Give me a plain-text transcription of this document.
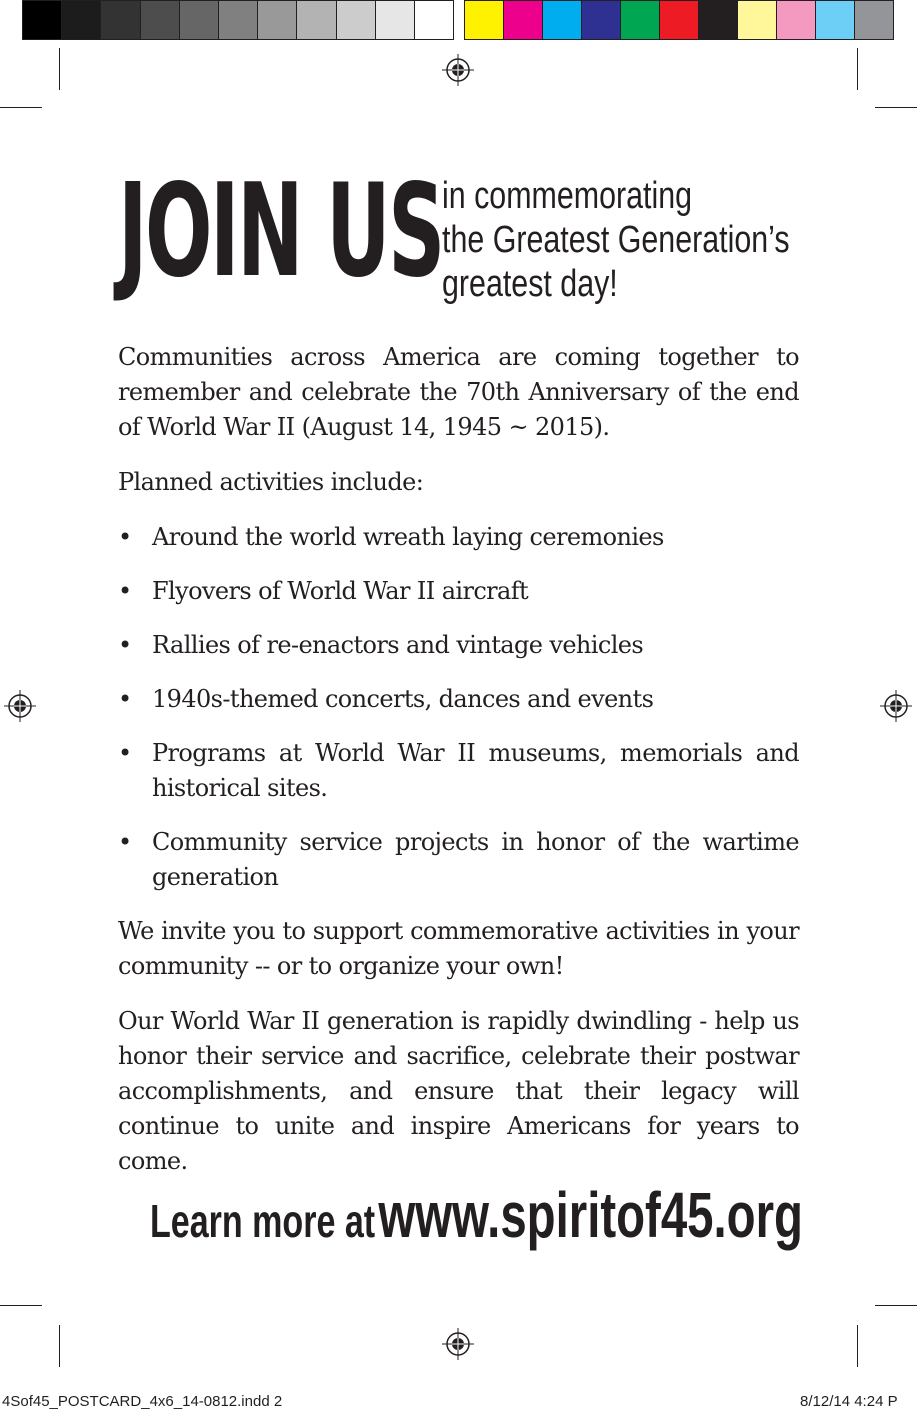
JOIN US in commemorating
the Greatest Generation’s
greatest day!

Communities across America are coming together to remember and celebrate the 70th Anniversary of the end of World War II (August 14, 1945 ~ 2015).

Planned activities include:

• Around the world wreath laying ceremonies
• Flyovers of World War II aircraft
• Rallies of re-enactors and vintage vehicles
• 1940s-themed concerts, dances and events
• Programs at World War II museums, memorials and historical sites.
• Community service projects in honor of the wartime generation

We invite you to support commemorative activities in your community -- or to organize your own!

Our World War II generation is rapidly dwindling - help us honor their service and sacrifice, celebrate their postwar accomplishments, and ensure that their legacy will continue to unite and inspire Americans for years to come.

Learn more at www.spiritof45.org
4Sof45_POSTCARD_4x6_14-0812.indd 2	8/12/14 4:24 P
